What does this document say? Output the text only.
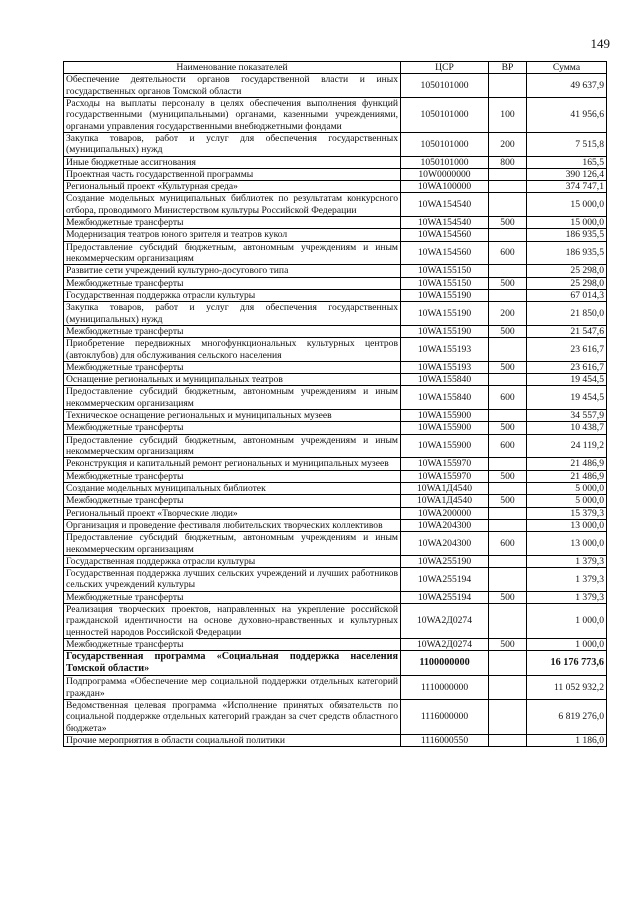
149
Наименование показателей	ЦСР	ВР	Сумма
Обеспечение деятельности органов государственной власти и иных государственных органов Томской области	1050101000		49 637,9
Расходы на выплаты персоналу в целях обеспечения выполнения функций государственными (муниципальными) органами, казенными учреждениями, органами управления государственными внебюджетными фондами	1050101000	100	41 956,6
Закупка товаров, работ и услуг для обеспечения государственных (муниципальных) нужд	1050101000	200	7 515,8
Иные бюджетные ассигнования	1050101000	800	165,5
Проектная часть государственной программы	10W0000000		390 126,4
Региональный проект «Культурная среда»	10WA100000		374 747,1
Создание модельных муниципальных библиотек по результатам конкурсного отбора, проводимого Министерством культуры Российской Федерации	10WA154540		15 000,0
Межбюджетные трансферты	10WA154540	500	15 000,0
Модернизация театров юного зрителя и театров кукол	10WA154560		186 935,5
Предоставление субсидий бюджетным, автономным учреждениям и иным некоммерческим организациям	10WA154560	600	186 935,5
Развитие сети учреждений культурно-досугового типа	10WA155150		25 298,0
Межбюджетные трансферты	10WA155150	500	25 298,0
Государственная поддержка отрасли культуры	10WA155190		67 014,3
Закупка товаров, работ и услуг для обеспечения государственных (муниципальных) нужд	10WA155190	200	21 850,0
Межбюджетные трансферты	10WA155190	500	21 547,6
Приобретение передвижных многофункциональных культурных центров (автоклубов) для обслуживания сельского населения	10WA155193		23 616,7
Межбюджетные трансферты	10WA155193	500	23 616,7
Оснащение региональных и муниципальных театров	10WA155840		19 454,5
Предоставление субсидий бюджетным, автономным учреждениям и иным некоммерческим организациям	10WA155840	600	19 454,5
Техническое оснащение региональных и муниципальных музеев	10WA155900		34 557,9
Межбюджетные трансферты	10WA155900	500	10 438,7
Предоставление субсидий бюджетным, автономным учреждениям и иным некоммерческим организациям	10WA155900	600	24 119,2
Реконструкция и капитальный ремонт региональных и муниципальных музеев	10WA155970		21 486,9
Межбюджетные трансферты	10WA155970	500	21 486,9
Создание модельных муниципальных библиотек	10WA1Д4540		5 000,0
Межбюджетные трансферты	10WA1Д4540	500	5 000,0
Региональный проект «Творческие люди»	10WA200000		15 379,3
Организация и проведение фестиваля любительских творческих коллективов	10WA204300		13 000,0
Предоставление субсидий бюджетным, автономным учреждениям и иным некоммерческим организациям	10WA204300	600	13 000,0
Государственная поддержка отрасли культуры	10WA255190		1 379,3
Государственная поддержка лучших сельских учреждений и лучших работников сельских учреждений культуры	10WA255194		1 379,3
Межбюджетные трансферты	10WA255194	500	1 379,3
Реализация творческих проектов, направленных на укрепление российской гражданской идентичности на основе духовно-нравственных и культурных ценностей народов Российской Федерации	10WA2Д0274		1 000,0
Межбюджетные трансферты	10WA2Д0274	500	1 000,0
Государственная программа «Социальная поддержка населения Томской области»	1100000000		16 176 773,6
Подпрограмма «Обеспечение мер социальной поддержки отдельных категорий граждан»	1110000000		11 052 932,2
Ведомственная целевая программа «Исполнение принятых обязательств по социальной поддержке отдельных категорий граждан за счет средств областного бюджета»	1116000000		6 819 276,0
Прочие мероприятия в области социальной политики	1116000550		1 186,0
